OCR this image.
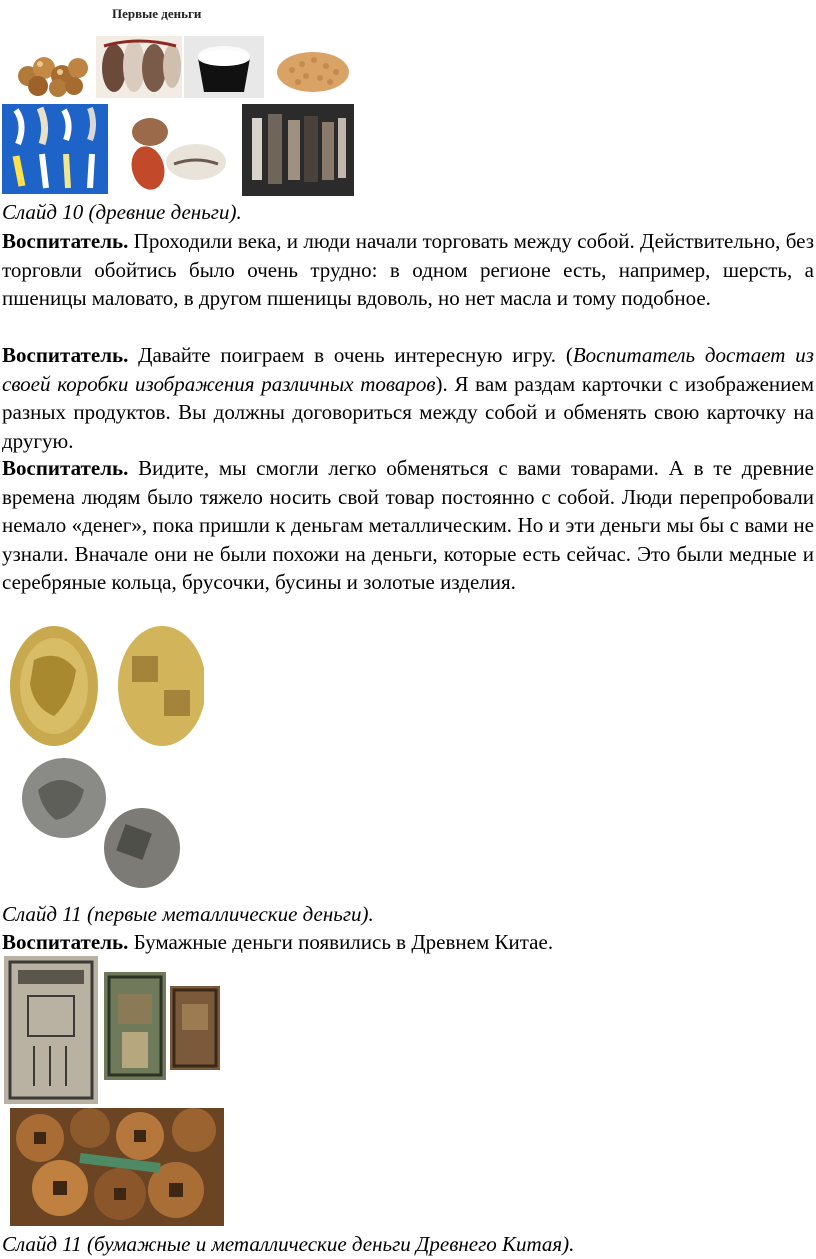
Первые деньги
Слайд 10 (древние деньги).
Воспитатель. Проходили века, и люди начали торговать между собой. Действительно, без торговли обойтись было очень трудно: в одном регионе есть, например, шерсть, а пшеницы маловато, в другом пшеницы вдоволь, но нет масла и тому подобное.
Воспитатель. Давайте поиграем в очень интересную игру. (Воспитатель достает из своей коробки изображения различных товаров). Я вам раздам карточки с изображением разных продуктов. Вы должны договориться между собой и обменять свою карточку на другую.
Воспитатель. Видите, мы смогли легко обменяться с вами товарами. А в те древние времена людям было тяжело носить свой товар постоянно с собой. Люди перепробовали немало «денег», пока пришли к деньгам металлическим. Но и эти деньги мы бы с вами не узнали. Вначале они не были похожи на деньги, которые есть сейчас. Это были медные и серебряные кольца, брусочки, бусины и золотые изделия.
Слайд 11 (первые металлические деньги).
Воспитатель. Бумажные деньги появились в Древнем Китае.
Слайд 11 (бумажные и металлические деньги Древнего Китая).
